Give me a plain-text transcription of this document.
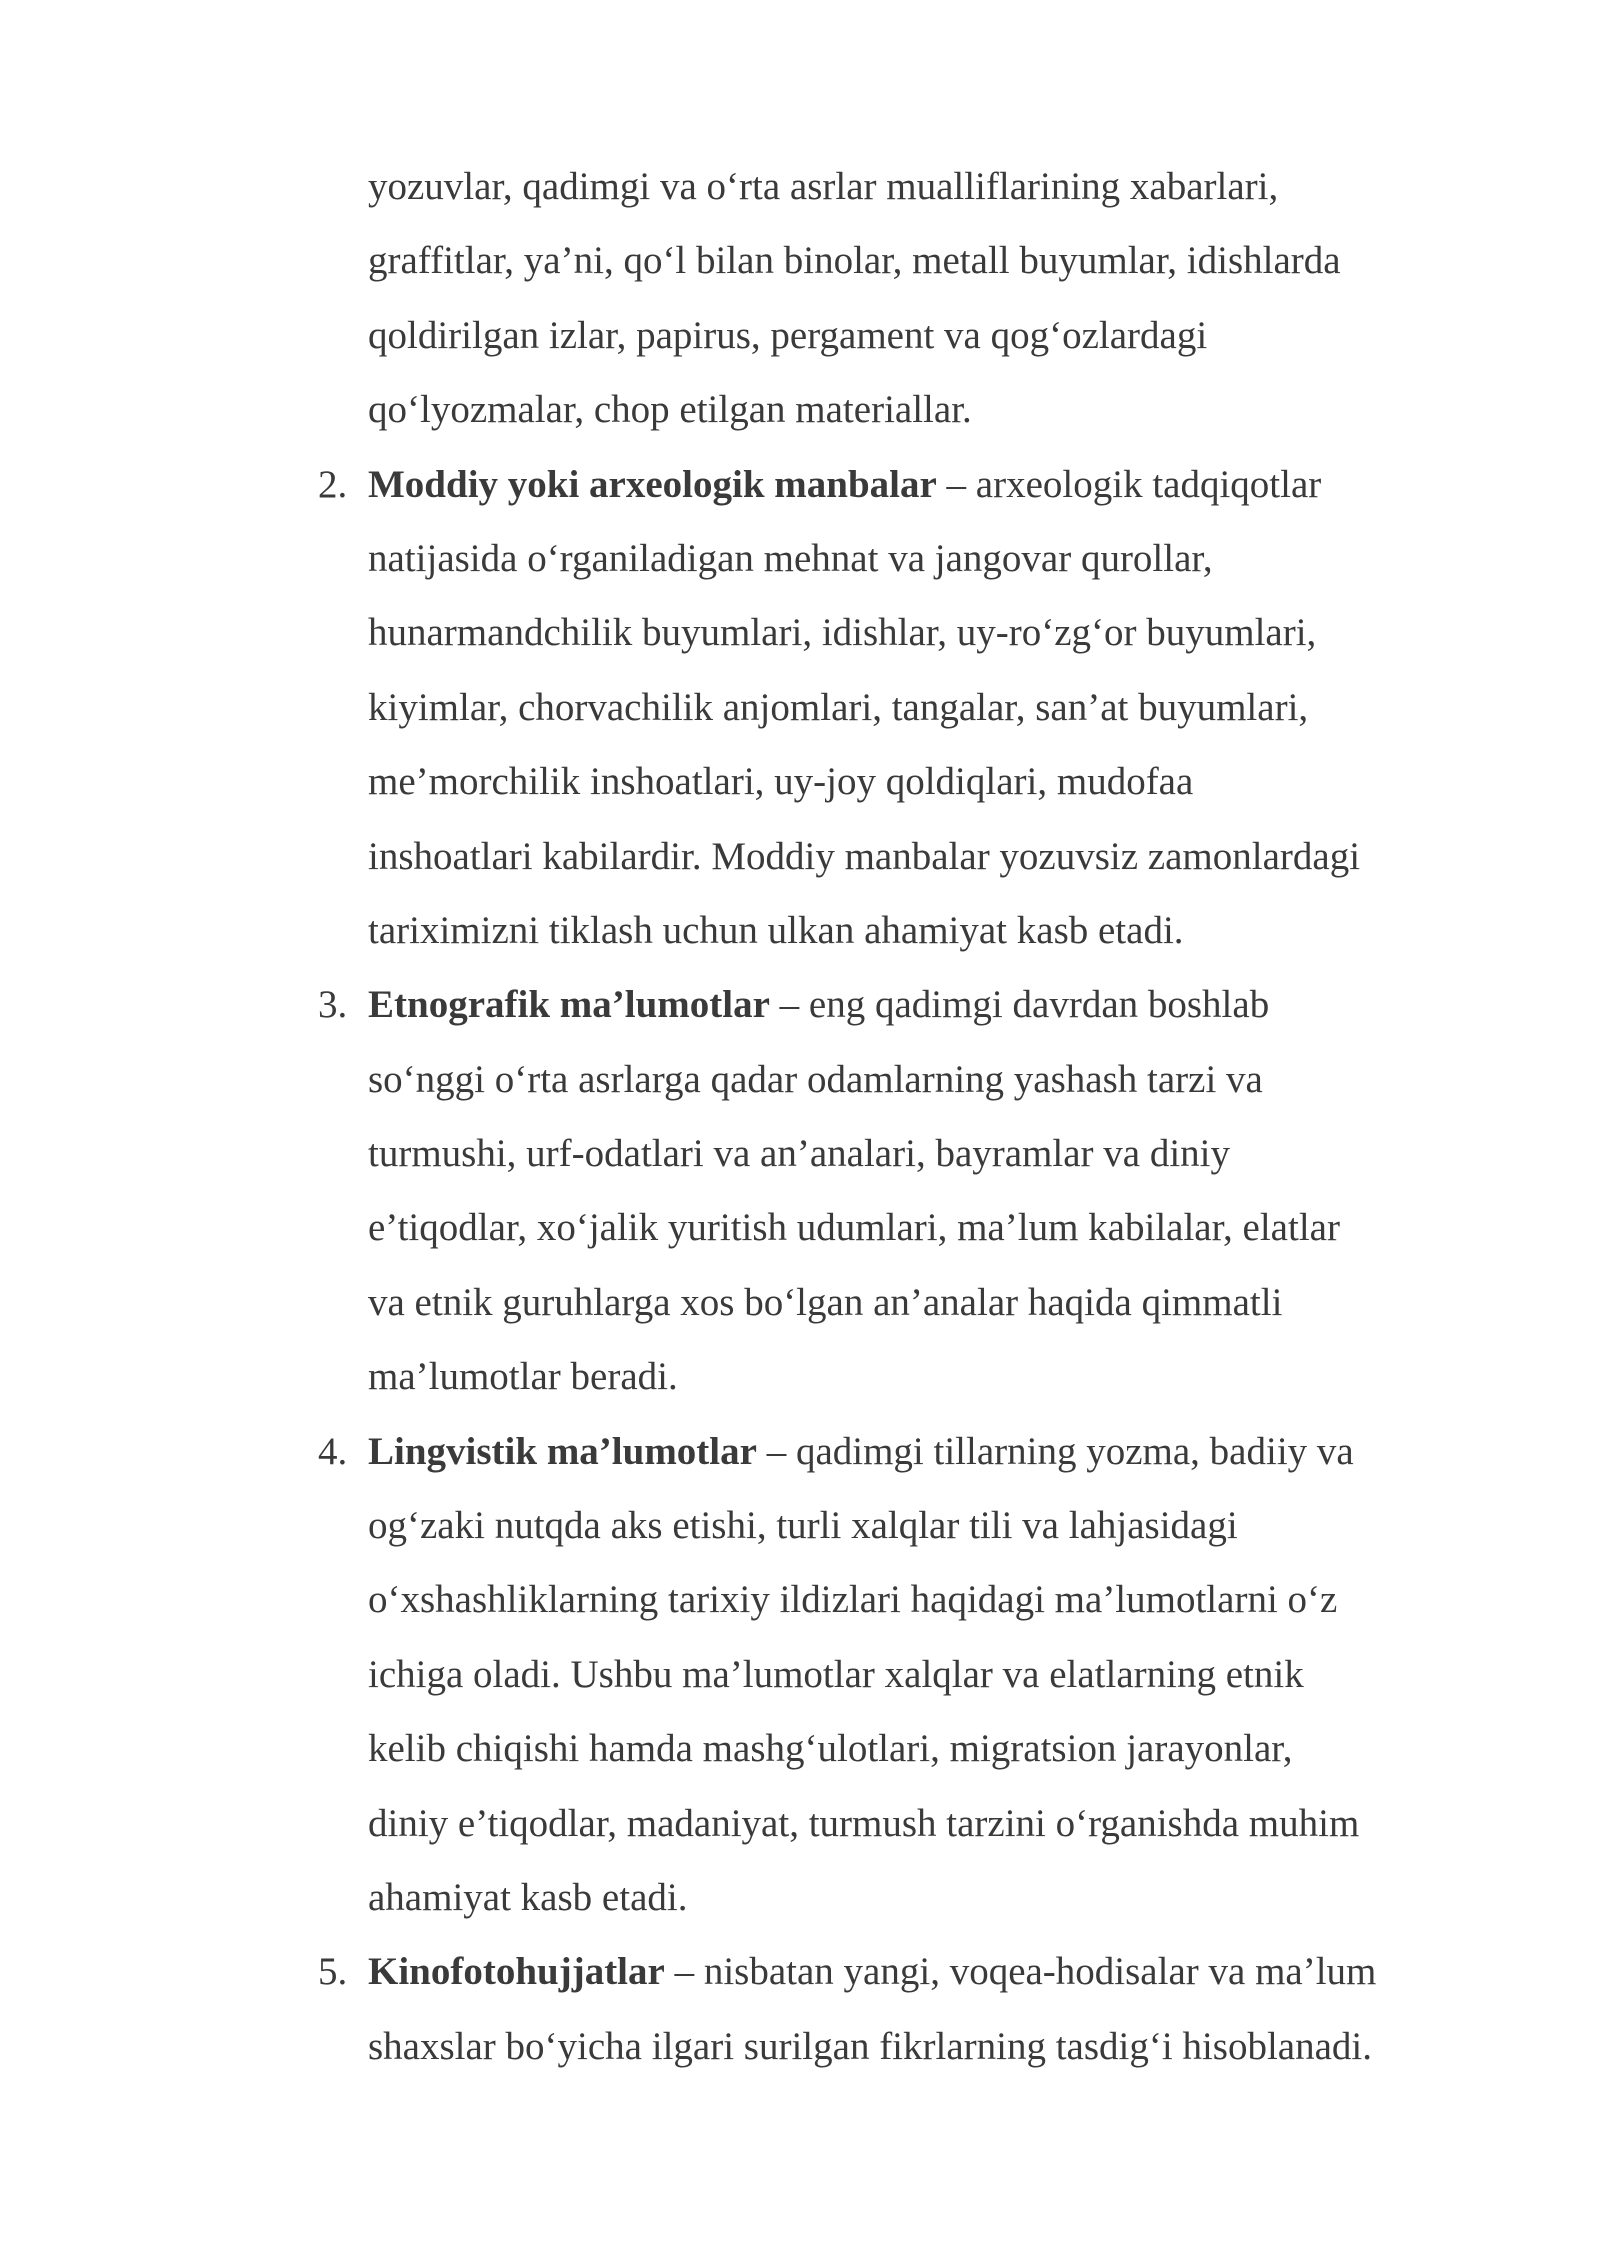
yozuvlar, qadimgi va o‘rta asrlar mualliflarining xabarlari,
graffitlar, ya’ni, qo‘l bilan binolar, metall buyumlar, idishlarda
qoldirilgan izlar, papirus, pergament va qog‘ozlardagi
qo‘lyozmalar, chop etilgan materiallar.
2. Moddiy yoki arxeologik manbalar – arxeologik tadqiqotlar
natijasida o‘rganiladigan mehnat va jangovar qurollar,
hunarmandchilik buyumlari, idishlar, uy-ro‘zg‘or buyumlari,
kiyimlar, chorvachilik anjomlari, tangalar, san’at buyumlari,
me’morchilik inshoatlari, uy-joy qoldiqlari, mudofaa
inshoatlari kabilardir. Moddiy manbalar yozuvsiz zamonlardagi
tariximizni tiklash uchun ulkan ahamiyat kasb etadi.
3. Etnografik ma’lumotlar – eng qadimgi davrdan boshlab
so‘nggi o‘rta asrlarga qadar odamlarning yashash tarzi va
turmushi, urf-odatlari va an’analari, bayramlar va diniy
e’tiqodlar, xo‘jalik yuritish udumlari, ma’lum kabilalar, elatlar
va etnik guruhlarga xos bo‘lgan an’analar haqida qimmatli
ma’lumotlar beradi.
4. Lingvistik ma’lumotlar – qadimgi tillarning yozma, badiiy va
og‘zaki nutqda aks etishi, turli xalqlar tili va lahjasidagi
o‘xshashliklarning tarixiy ildizlari haqidagi ma’lumotlarni o‘z
ichiga oladi. Ushbu ma’lumotlar xalqlar va elatlarning etnik
kelib chiqishi hamda mashg‘ulotlari, migratsion jarayonlar,
diniy e’tiqodlar, madaniyat, turmush tarzini o‘rganishda muhim
ahamiyat kasb etadi.
5. Kinofotohujjatlar – nisbatan yangi, voqea-hodisalar va ma’lum
shaxslar bo‘yicha ilgari surilgan fikrlarning tasdig‘i hisoblanadi.
